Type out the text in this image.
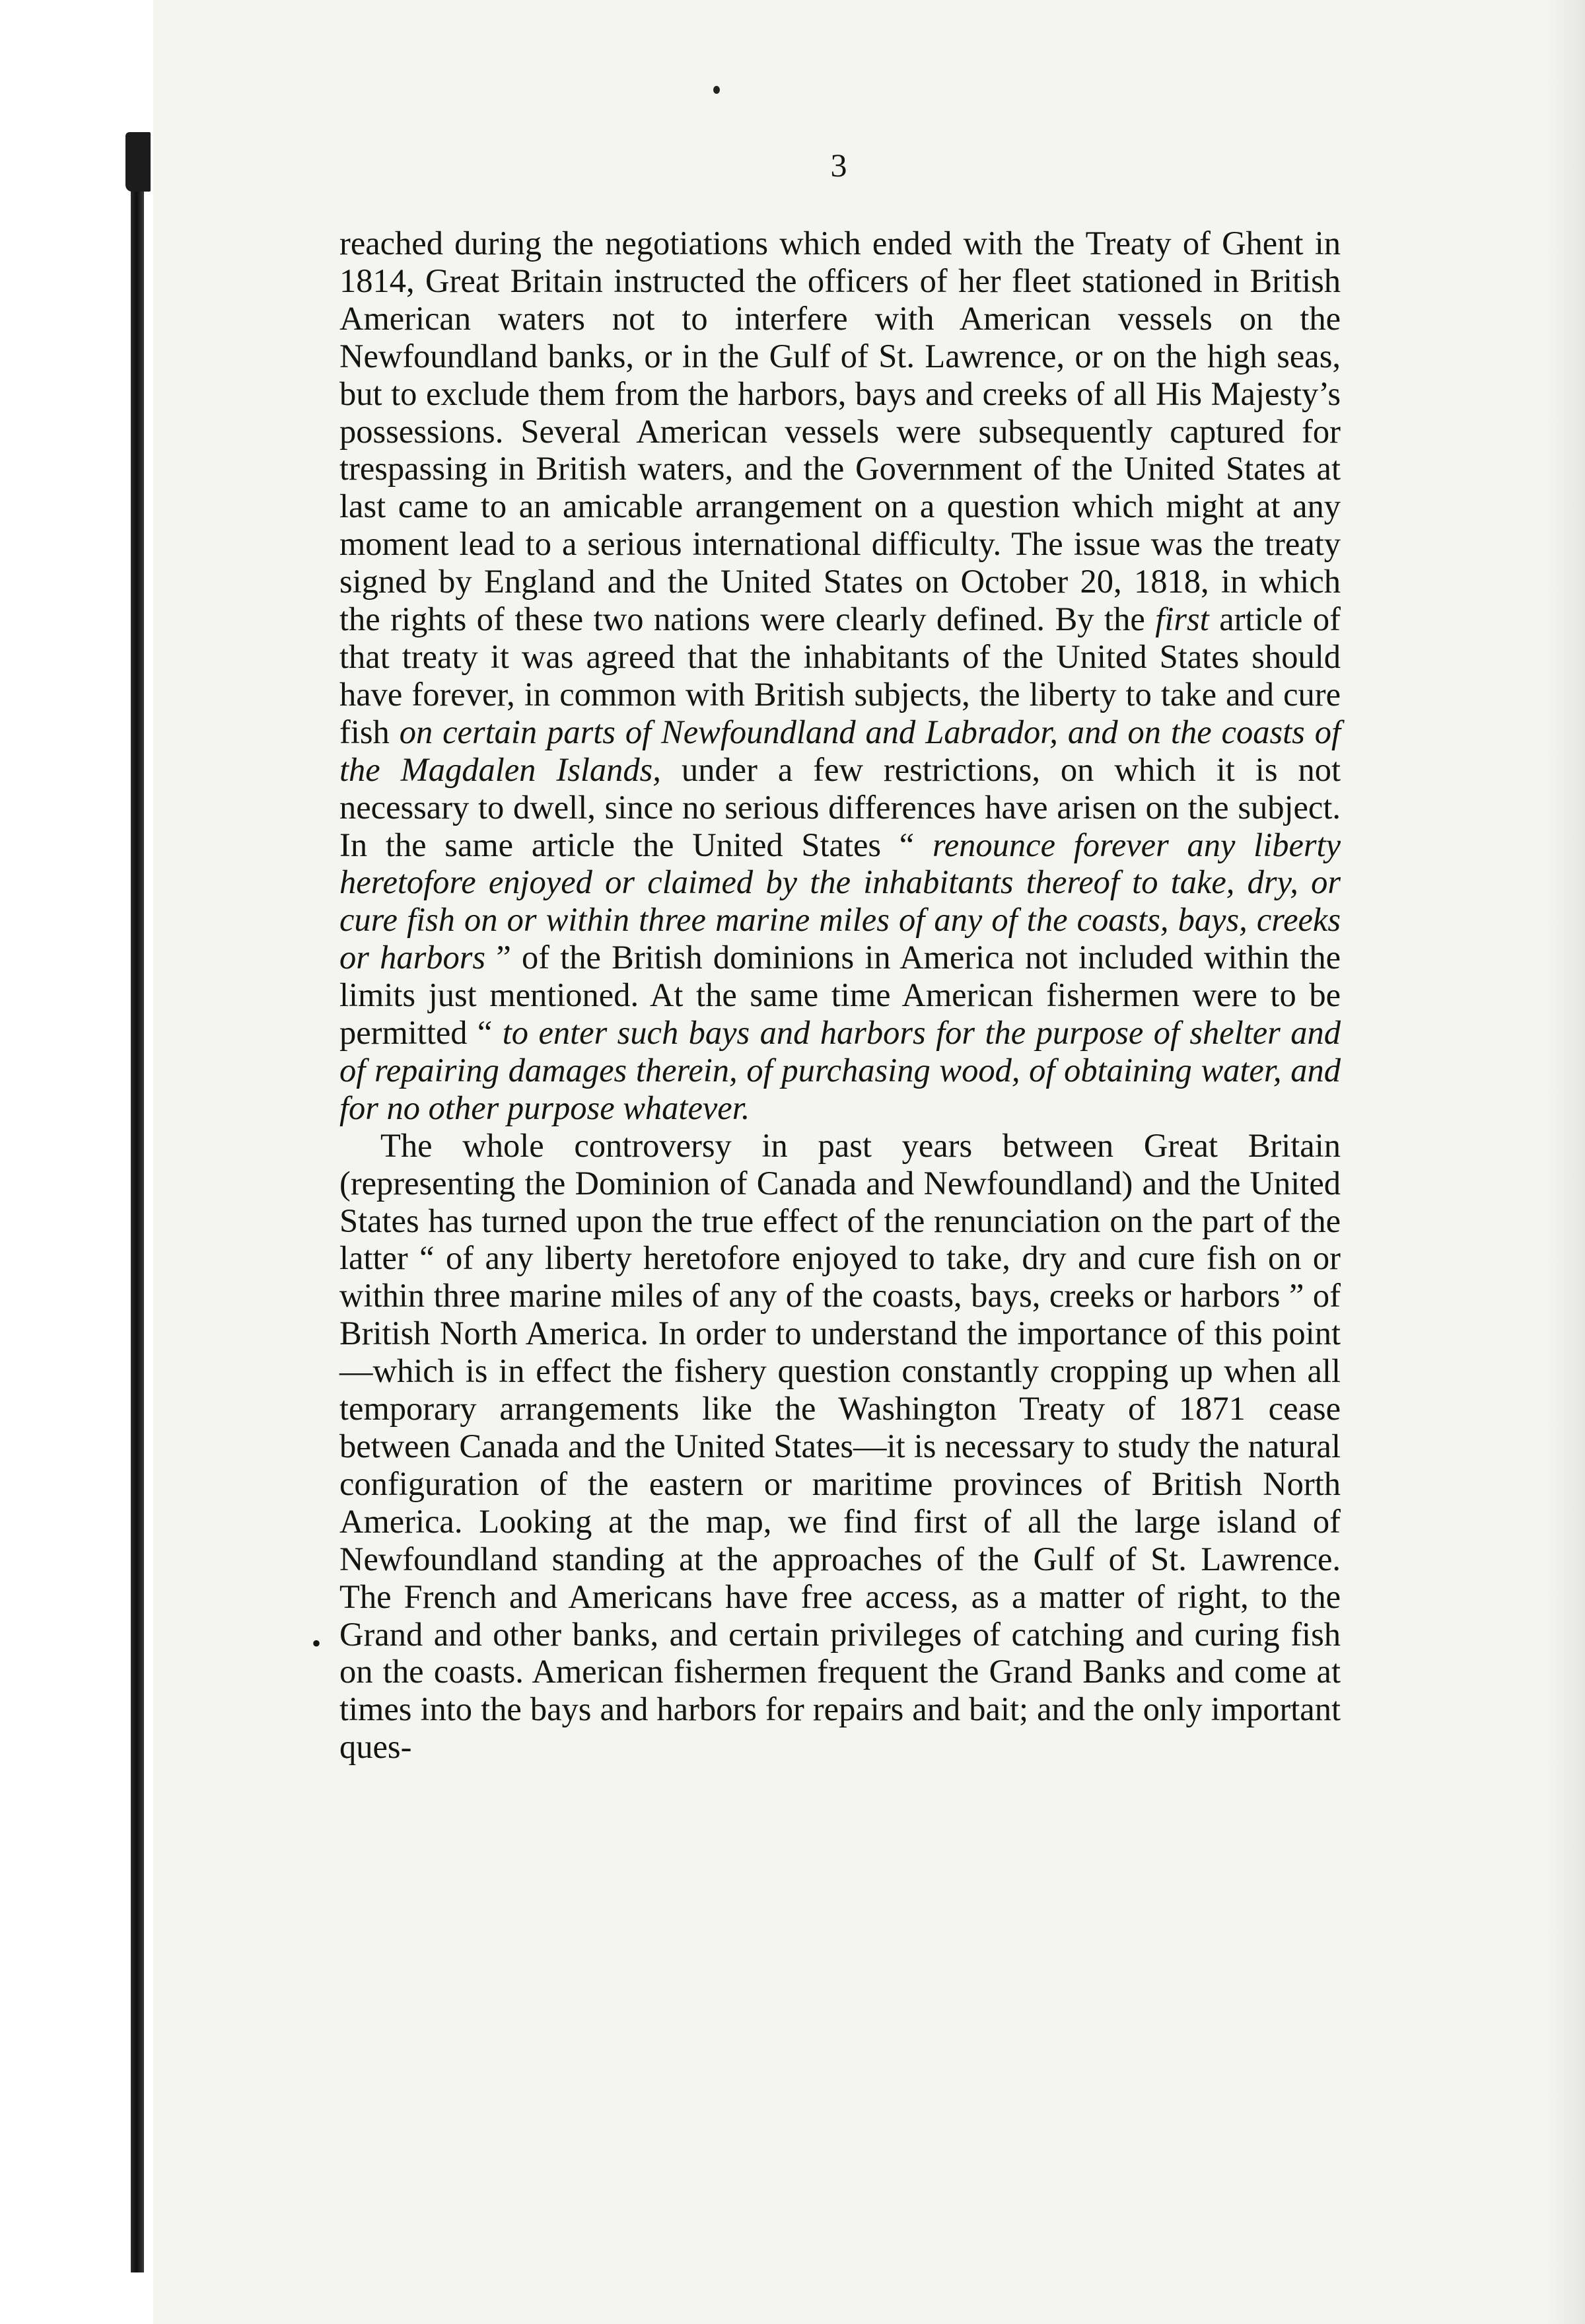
3
•

reached during the negotiations which ended with the Treaty of Ghent in 1814, Great Britain instructed the officers of her fleet stationed in British American waters not to interfere with American vessels on the Newfoundland banks, or in the Gulf of St. Lawrence, or on the high seas, but to exclude them from the harbors, bays and creeks of all His Majesty’s possessions. Several American vessels were subsequently captured for trespassing in British waters, and the Government of the United States at last came to an amicable arrangement on a question which might at any moment lead to a serious international difficulty. The issue was the treaty signed by England and the United States on October 20, 1818, in which the rights of these two nations were clearly defined. By the first article of that treaty it was agreed that the inhabitants of the United States should have forever, in common with British subjects, the liberty to take and cure fish on certain parts of Newfoundland and Labrador, and on the coasts of the Magdalen Islands, under a few restrictions, on which it is not necessary to dwell, since no serious differences have arisen on the subject. In the same article the United States “ renounce forever any liberty heretofore enjoyed or claimed by the inhabitants thereof to take, dry, or cure fish on or within three marine miles of any of the coasts, bays, creeks or harbors ” of the British dominions in America not included within the limits just mentioned. At the same time American fishermen were to be permitted “ to enter such bays and harbors for the purpose of shelter and of repairing damages therein, of purchasing wood, of obtaining water, and for no other purpose whatever.

The whole controversy in past years between Great Britain (representing the Dominion of Canada and Newfoundland) and the United States has turned upon the true effect of the renunciation on the part of the latter “ of any liberty heretofore enjoyed to take, dry and cure fish on or within three marine miles of any of the coasts, bays, creeks or harbors ” of British North America. In order to understand the importance of this point—which is in effect the fishery question constantly cropping up when all temporary arrangements like the Washington Treaty of 1871 cease between Canada and the United States—it is necessary to study the natural configuration of the eastern or maritime provinces of British North America. Looking at the map, we find first of all the large island of Newfoundland standing at the approaches of the Gulf of St. Lawrence. The French and Americans have free access, as a matter of right, to the Grand and other banks, and certain privileges of catching and curing fish on the coasts. American fishermen frequent the Grand Banks and come at times into the bays and harbors for repairs and bait; and the only important ques-
